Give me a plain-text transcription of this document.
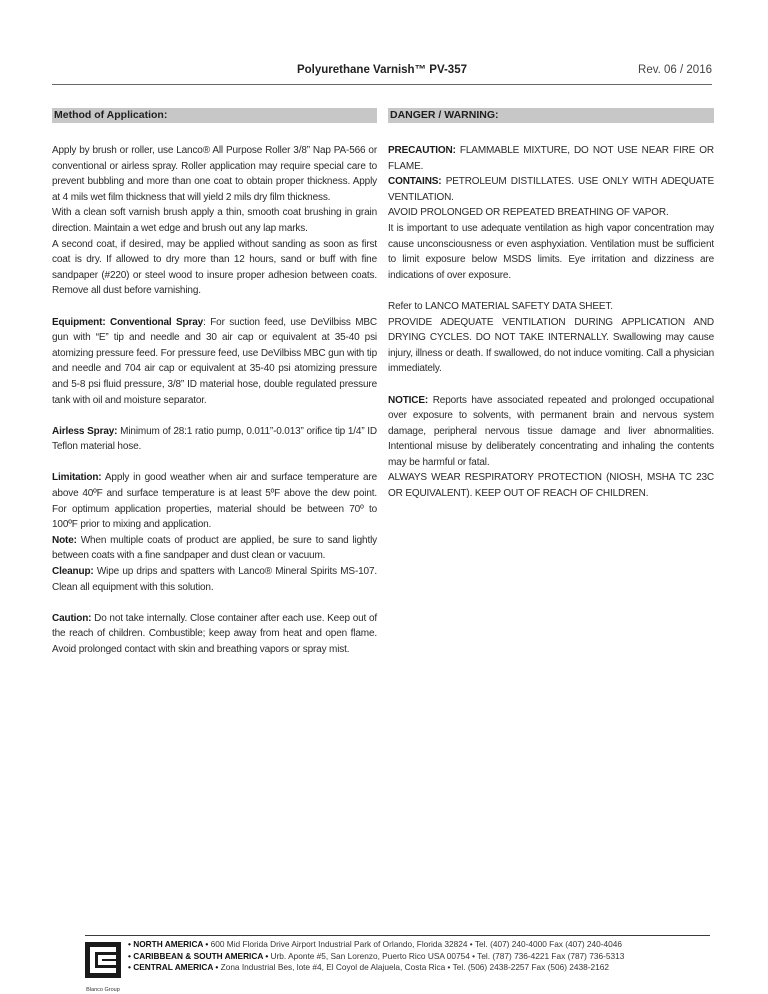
Polyurethane Varnish™ PV-357	Rev. 06 / 2016
Method of Application:

Apply by brush or roller, use Lanco® All Purpose Roller 3/8” Nap PA-566 or conventional or airless spray. Roller application may require special care to prevent bubbling and more than one coat to obtain proper thickness. Apply at 4 mils wet film thickness that will yield 2 mils dry film thickness.

With a clean soft varnish brush apply a thin, smooth coat brushing in grain direction. Maintain a wet edge and brush out any lap marks.

A second coat, if desired, may be applied without sanding as soon as first coat is dry. If allowed to dry more than 12 hours, sand or buff with fine sandpaper (#220) or steel wood to insure proper adhesion between coats. Remove all dust before varnishing.

Equipment: Conventional Spray: For suction feed, use DeVilbiss MBC gun with “E” tip and needle and 30 air cap or equivalent at 35-40 psi atomizing pressure feed. For pressure feed, use DeVilbiss MBC gun with tip and needle and 704 air cap or equivalent at 35-40 psi atomizing pressure and 5-8 psi fluid pressure, 3/8” ID material hose, double regulated pressure tank with oil and moisture separator.

Airless Spray: Minimum of 28:1 ratio pump, 0.011”-0.013” orifice tip 1/4” ID Teflon material hose.

Limitation: Apply in good weather when air and surface temperature are above 40ºF and surface temperature is at least 5ºF above the dew point. For optimum application properties, material should be between 70º to 100ºF prior to mixing and application.

Note: When multiple coats of product are applied, be sure to sand lightly between coats with a fine sandpaper and dust clean or vacuum.

Cleanup: Wipe up drips and spatters with Lanco® Mineral Spirits MS-107. Clean all equipment with this solution.

Caution: Do not take internally. Close container after each use. Keep out of the reach of children. Combustible; keep away from heat and open flame. Avoid prolonged contact with skin and breathing vapors or spray mist.

DANGER / WARNING:

PRECAUTION: FLAMMABLE MIXTURE, DO NOT USE NEAR FIRE OR FLAME.

CONTAINS: PETROLEUM DISTILLATES. USE ONLY WITH ADEQUATE VENTILATION.

AVOID PROLONGED OR REPEATED BREATHING OF VAPOR.

It is important to use adequate ventilation as high vapor concentration may cause unconsciousness or even asphyxiation. Ventilation must be sufficient to limit exposure below MSDS limits. Eye irritation and dizziness are indications of over exposure.

Refer to LANCO MATERIAL SAFETY DATA SHEET.

PROVIDE ADEQUATE VENTILATION DURING APPLICATION AND DRYING CYCLES. DO NOT TAKE INTERNALLY. Swallowing may cause injury, illness or death. If swallowed, do not induce vomiting. Call a physician immediately.

NOTICE: Reports have associated repeated and prolonged occupational over exposure to solvents, with permanent brain and nervous system damage, peripheral nervous tissue damage and liver abnormalities. Intentional misuse by deliberately concentrating and inhaling the contents may be harmful or fatal.

ALWAYS WEAR RESPIRATORY PROTECTION (NIOSH, MSHA TC 23C OR EQUIVALENT). KEEP OUT OF REACH OF CHILDREN.

Blanco Group
• NORTH AMERICA • 600 Mid Florida Drive Airport Industrial Park of Orlando, Florida 32824 • Tel. (407) 240-4000 Fax (407) 240-4046
• CARIBBEAN & SOUTH AMERICA • Urb. Aponte #5, San Lorenzo, Puerto Rico USA 00754 • Tel. (787) 736-4221 Fax (787) 736-5313
• CENTRAL AMERICA • Zona Industrial Bes, lote #4, El Coyol de Alajuela, Costa Rica • Tel. (506) 2438-2257 Fax (506) 2438-2162
